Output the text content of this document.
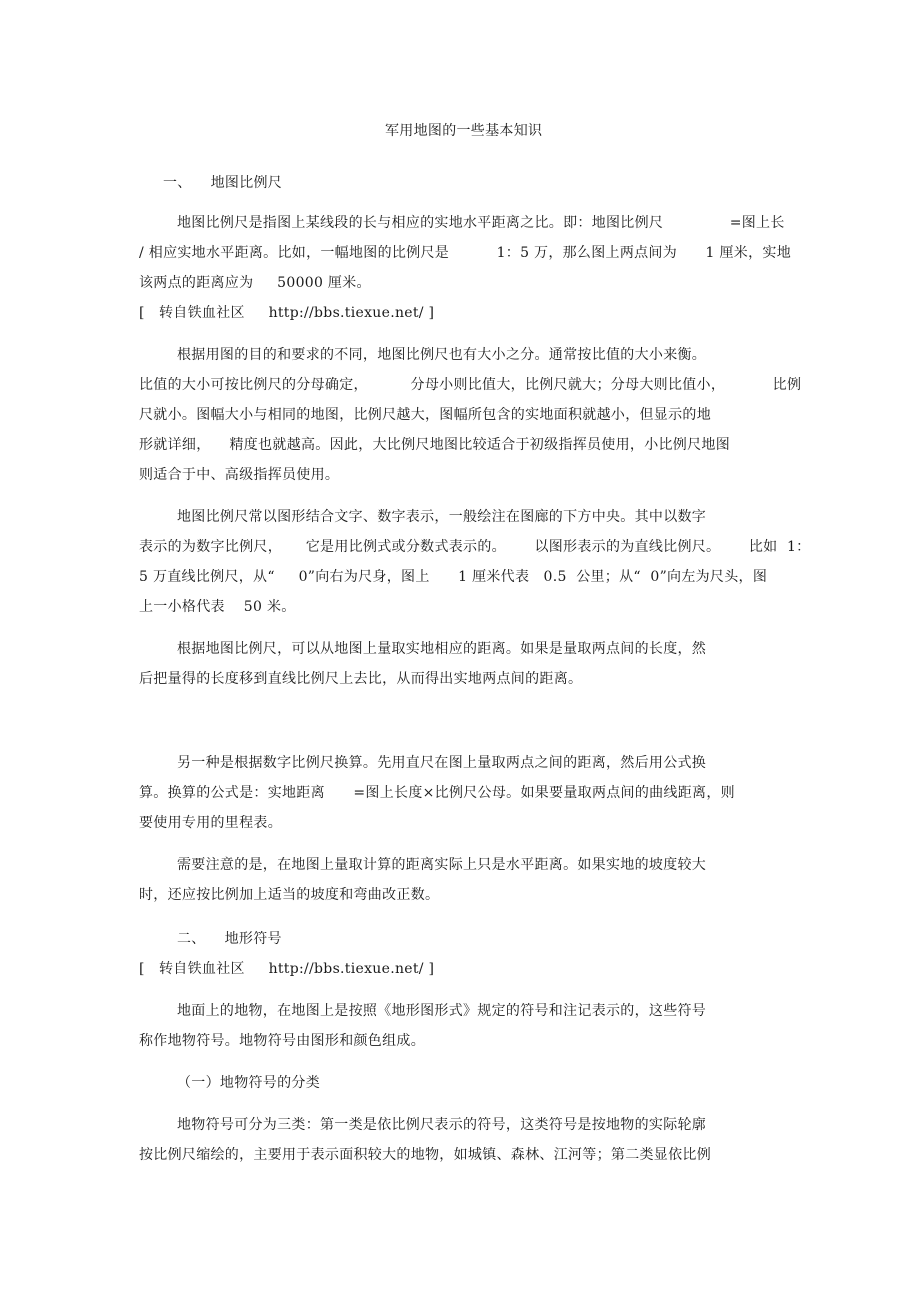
军用地图的一些基本知识
一、    地图比例尺
地图比例尺是指图上某线段的长与相应的实地水平距离之比。即：地图比例尺              =图上长
/ 相应实地水平距离。比如，一幅地图的比例尺是          1：5 万，那么图上两点间为      1 厘米，实地
该两点的距离应为     50000 厘米。
[   转自铁血社区     http://bbs.tiexue.net/ ]
根据用图的目的和要求的不同，地图比例尺也有大小之分。通常按比值的大小来衡。
比值的大小可按比例尺的分母确定，         分母小则比值大，比例尺就大；分母大则比值小，          比例
尺就小。图幅大小与相同的地图，比例尺越大，图幅所包含的实地面积就越小，但显示的地
形就详细，    精度也就越高。因此，大比例尺地图比较适合于初级指挥员使用，小比例尺地图
则适合于中、高级指挥员使用。
地图比例尺常以图形结合文字、数字表示，一般绘注在图廊的下方中央。其中以数字
表示的为数字比例尺，     它是用比例式或分数式表示的。      以图形表示的为直线比例尺。      比如  1：
5 万直线比例尺，从“     0”向右为尺身，图上      1 厘米代表   0.5  公里；从“  0”向左为尺头，图
上一小格代表    50 米。
根据地图比例尺，可以从地图上量取实地相应的距离。如果是量取两点间的长度，然
后把量得的长度移到直线比例尺上去比，从而得出实地两点间的距离。
另一种是根据数字比例尺换算。先用直尺在图上量取两点之间的距离，然后用公式换
算。换算的公式是：实地距离      =图上长度×比例尺公母。如果要量取两点间的曲线距离，则
要使用专用的里程表。
需要注意的是，在地图上量取计算的距离实际上只是水平距离。如果实地的坡度较大
时，还应按比例加上适当的坡度和弯曲改正数。
二、    地形符号
[   转自铁血社区     http://bbs.tiexue.net/ ]
地面上的地物，在地图上是按照《地形图形式》规定的符号和注记表示的，这些符号
称作地物符号。地物符号由图形和颜色组成。
（一）地物符号的分类
地物符号可分为三类：第一类是依比例尺表示的符号，这类符号是按地物的实际轮廓
按比例尺缩绘的，主要用于表示面积较大的地物，如城镇、森林、江河等；第二类显依比例
